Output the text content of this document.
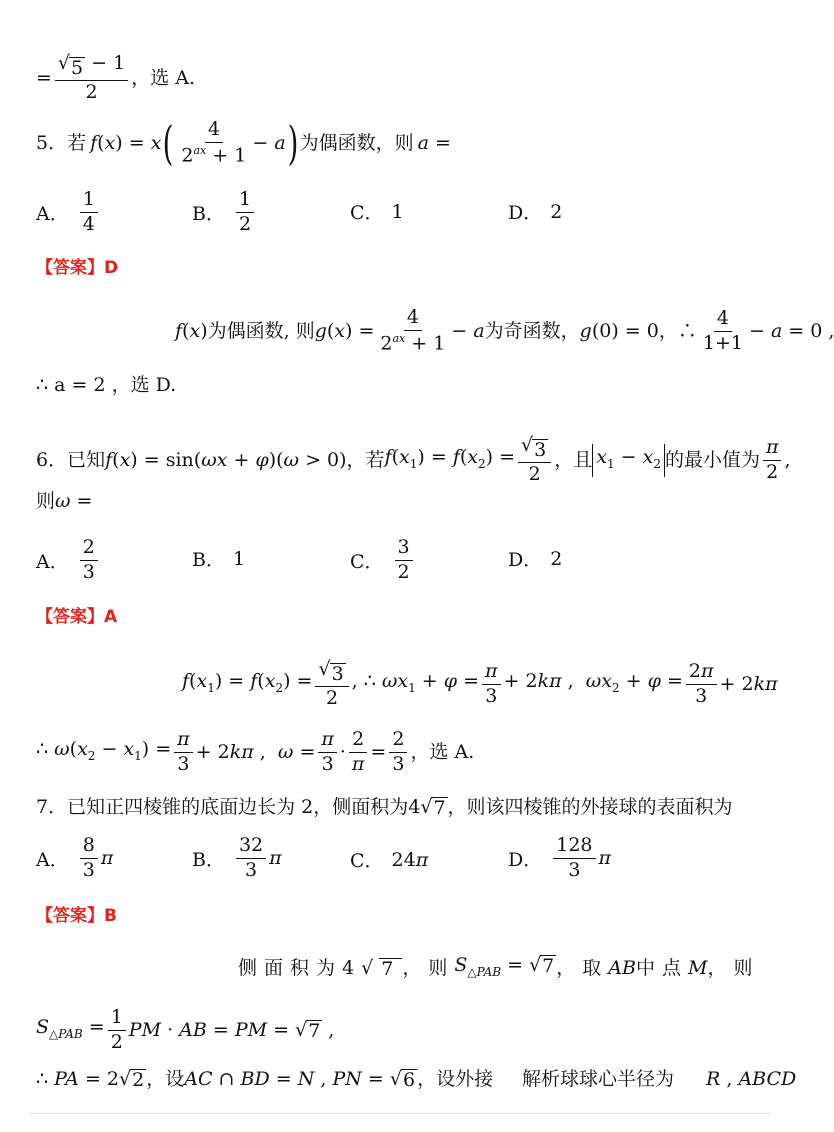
= $\frac{√ 5 - 1}{2}$ ，选 A.
5． 若 f(x) = x ( $\frac{4}{2^{ax} + 1} - a$ ) 为偶函数，则 a =
A． $\frac{1}{4}$	B． $\frac{1}{2}$	C． 1	D． 2
【答案】D
f(x) 为偶函数, 则 $g(x) = \frac{4}{2^{ax} + 1} - a$ 为奇函数， g(0) = 0 ，∴ $\frac{4}{1+1} - a = 0$ ,
∴ a = 2 ，选 D.
6． 已知 f(x) = sin(ωx + φ)(ω > 0) ，若 $f(x_1) = f(x_2) = \frac{√ 3}{2}$ ，且 $x_1 - x_2$ 的最小值为 $\frac{\pi}{2}$ ,
则 ω =
A． $\frac{2}{3}$	B． 1	C． $\frac{3}{2}$	D． 2
【答案】A
$f(x_1) = f(x_2) = \frac{√ 3}{2}$ , ∴ $\omega x_1 + \varphi = \frac{\pi}{3} + 2k\pi$ ,  $\omega x_2 + \varphi = \frac{2\pi}{3} + 2k\pi$
∴ $\omega(x_2 - x_1) = \frac{\pi}{3} + 2k\pi$ ,  $\omega = \frac{\pi}{3} \cdot \frac{2}{\pi} = \frac{2}{3}$ ，选 A.
7． 已知正四棱锥的底面边长为 2，侧面积为 4 √ 7 ，则该四棱锥的外接球的表面积为
A． $\frac{8}{3}$ π	B． $\frac{32}{3}$ π	C． 24 π	D． $\frac{128}{3}$ π
【答案】B
侧面积为 4 √ 7 ，则 $S_{\triangle PAB}$ = √ 7 ，取 AB 中点 M ，则
$S_{\triangle PAB} = \frac{1}{2}$ PM · AB = PM = √ 7 ,
∴ PA = 2 √ 2 ，设 AC ∩ BD = N , PN = √ 6 ，设外接 解析球球心半径为 R , ABCD
